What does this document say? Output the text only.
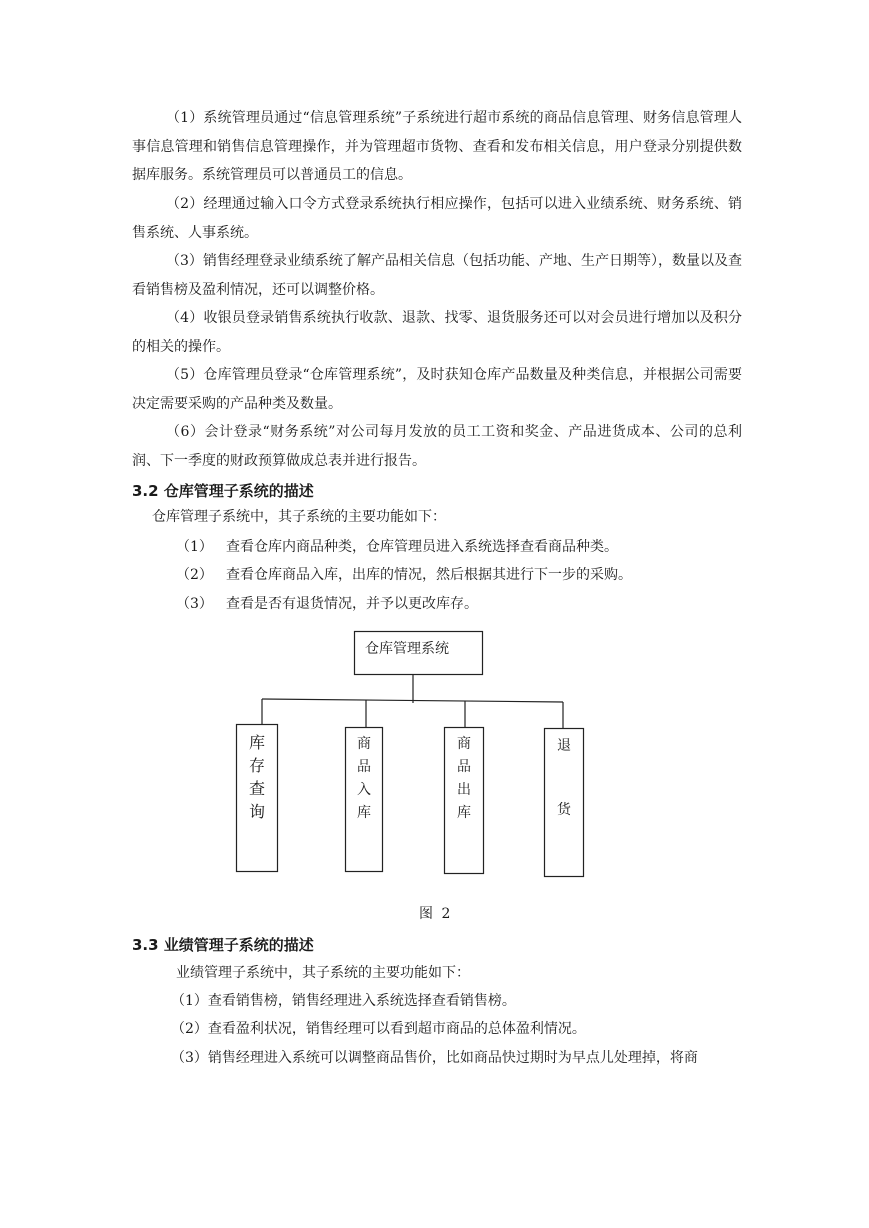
（1）系统管理员通过“信息管理系统”子系统进行超市系统的商品信息管理、财务信息管理人事信息管理和销售信息管理操作，并为管理超市货物、查看和发布相关信息，用户登录分别提供数据库服务。系统管理员可以普通员工的信息。

（2）经理通过输入口令方式登录系统执行相应操作，包括可以进入业绩系统、财务系统、销售系统、人事系统。

（3）销售经理登录业绩系统了解产品相关信息（包括功能、产地、生产日期等），数量以及查看销售榜及盈利情况，还可以调整价格。

（4）收银员登录销售系统执行收款、退款、找零、退货服务还可以对会员进行增加以及积分的相关的操作。

（5）仓库管理员登录“仓库管理系统”，及时获知仓库产品数量及种类信息，并根据公司需要决定需要采购的产品种类及数量。

（6）会计登录“财务系统”对公司每月发放的员工工资和奖金、产品进货成本、公司的总利润、下一季度的财政预算做成总表并进行报告。

3.2 仓库管理子系统的描述

仓库管理子系统中，其子系统的主要功能如下：

（1） 查看仓库内商品种类，仓库管理员进入系统选择查看商品种类。

（2） 查看仓库商品入库，出库的情况，然后根据其进行下一步的采购。

（3） 查看是否有退货情况，并予以更改库存。

仓库管理系统

库
存
查
询
商
品
入
库
商
品
出
库
退
货

图 2

3.3 业绩管理子系统的描述

业绩管理子系统中，其子系统的主要功能如下：

（1）查看销售榜，销售经理进入系统选择查看销售榜。

（2）查看盈利状况，销售经理可以看到超市商品的总体盈利情况。

（3）销售经理进入系统可以调整商品售价，比如商品快过期时为早点儿处理掉，将商
